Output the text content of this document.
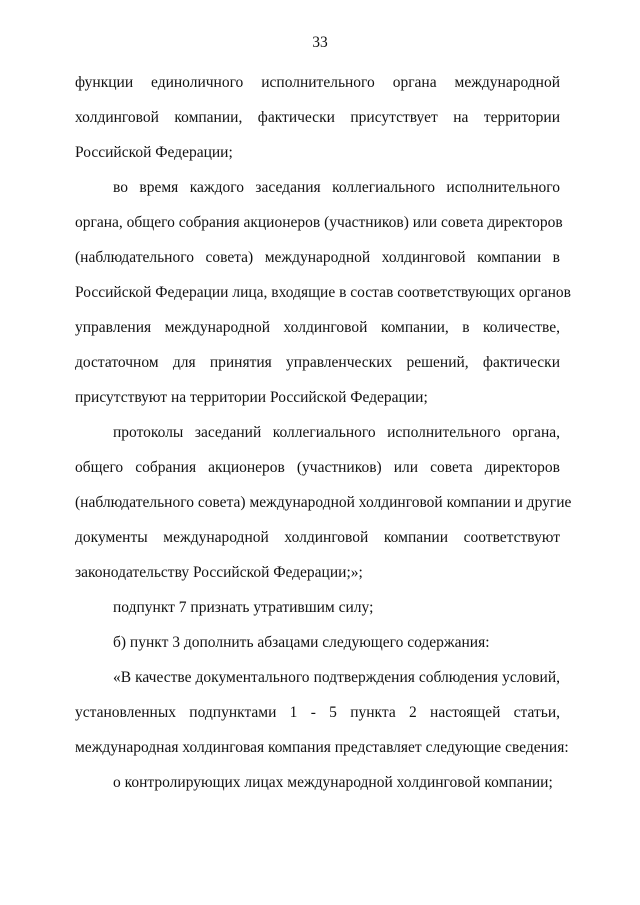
33
функции единоличного исполнительного органа международной
холдинговой компании, фактически присутствует на территории
Российской Федерации;
во время каждого заседания коллегиального исполнительного
органа, общего собрания акционеров (участников) или совета директоров
(наблюдательного совета) международной холдинговой компании в
Российской Федерации лица, входящие в состав соответствующих органов
управления международной холдинговой компании, в количестве,
достаточном для принятия управленческих решений, фактически
присутствуют на территории Российской Федерации;
протоколы заседаний коллегиального исполнительного органа,
общего собрания акционеров (участников) или совета директоров
(наблюдательного совета) международной холдинговой компании и другие
документы международной холдинговой компании соответствуют
законодательству Российской Федерации;»;
подпункт 7 признать утратившим силу;
б) пункт 3 дополнить абзацами следующего содержания:
«В качестве документального подтверждения соблюдения условий,
установленных подпунктами 1 - 5 пункта 2 настоящей статьи,
международная холдинговая компания представляет следующие сведения:
о контролирующих лицах международной холдинговой компании;
